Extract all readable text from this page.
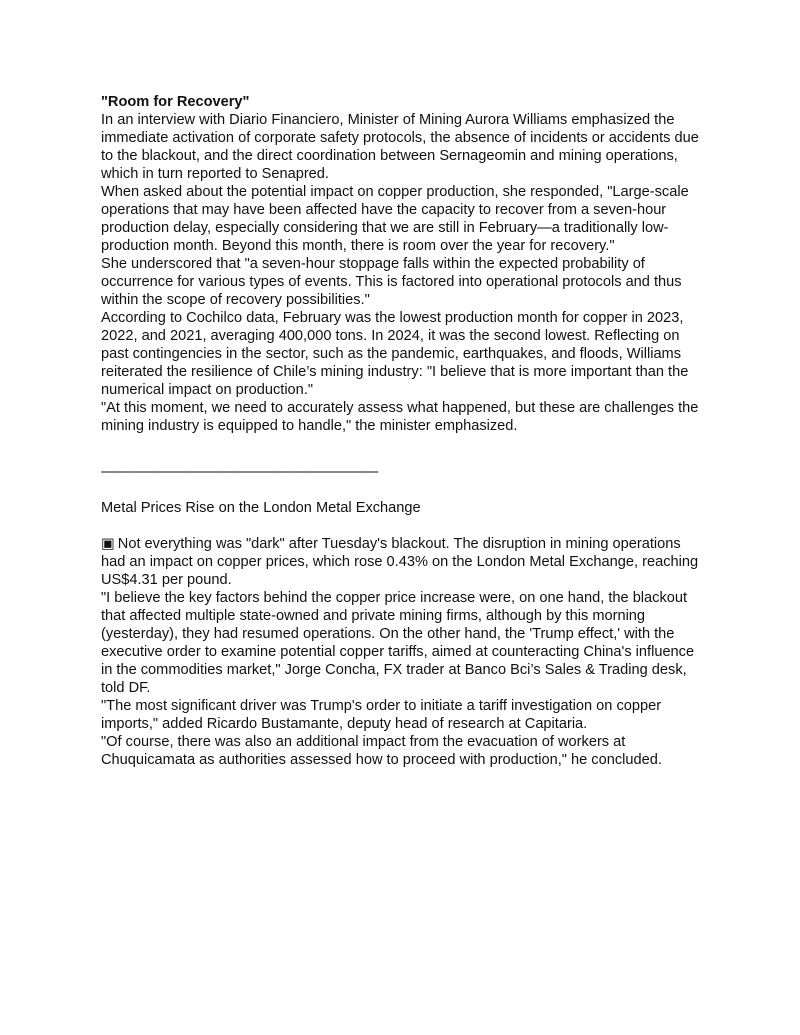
"Room for Recovery"

In an interview with Diario Financiero, Minister of Mining Aurora Williams emphasized the immediate activation of corporate safety protocols, the absence of incidents or accidents due to the blackout, and the direct coordination between Sernageomin and mining operations, which in turn reported to Senapred.

When asked about the potential impact on copper production, she responded, "Large-scale operations that may have been affected have the capacity to recover from a seven-hour production delay, especially considering that we are still in February—a traditionally low-production month. Beyond this month, there is room over the year for recovery."

She underscored that "a seven-hour stoppage falls within the expected probability of occurrence for various types of events. This is factored into operational protocols and thus within the scope of recovery possibilities."

According to Cochilco data, February was the lowest production month for copper in 2023, 2022, and 2021, averaging 400,000 tons. In 2024, it was the second lowest. Reflecting on past contingencies in the sector, such as the pandemic, earthquakes, and floods, Williams reiterated the resilience of Chile’s mining industry: "I believe that is more important than the numerical impact on production."

"At this moment, we need to accurately assess what happened, but these are challenges the mining industry is equipped to handle," the minister emphasized.

———————————————————

Metal Prices Rise on the London Metal Exchange

▣ Not everything was "dark" after Tuesday's blackout. The disruption in mining operations had an impact on copper prices, which rose 0.43% on the London Metal Exchange, reaching US$4.31 per pound.

"I believe the key factors behind the copper price increase were, on one hand, the blackout that affected multiple state-owned and private mining firms, although by this morning (yesterday), they had resumed operations. On the other hand, the 'Trump effect,' with the executive order to examine potential copper tariffs, aimed at counteracting China's influence in the commodities market," Jorge Concha, FX trader at Banco Bci’s Sales & Trading desk, told DF.

"The most significant driver was Trump's order to initiate a tariff investigation on copper imports," added Ricardo Bustamante, deputy head of research at Capitaria.

"Of course, there was also an additional impact from the evacuation of workers at Chuquicamata as authorities assessed how to proceed with production," he concluded.
